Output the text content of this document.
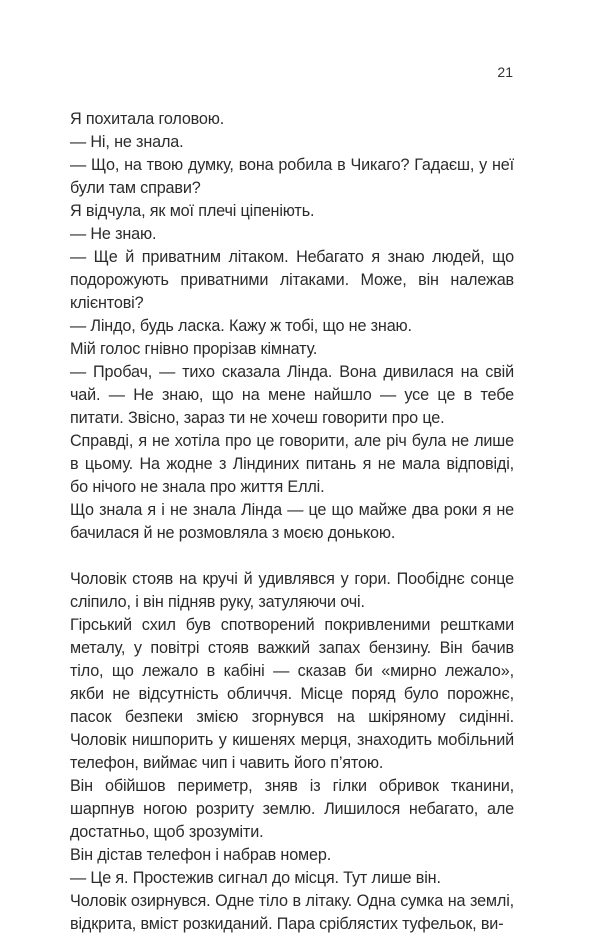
21

Я похитала головою.

— Ні, не знала.

— Що, на твою думку, вона робила в Чикаго? Гадаєш, у неї були там справи?

Я відчула, як мої плечі ціпеніють.

— Не знаю.

— Ще й приватним літаком. Небагато я знаю людей, що подорожують приватними літаками. Може, він належав клієнтові?

— Ліндо, будь ласка. Кажу ж тобі, що не знаю.

Мій голос гнівно прорізав кімнату.

— Пробач, — тихо сказала Лінда. Вона дивилася на свій чай. — Не знаю, що на мене найшло — усе це в тебе питати. Звісно, зараз ти не хочеш говорити про це.

Справді, я не хотіла про це говорити, але річ була не лише в цьому. На жодне з Ліндиних питань я не мала відповіді, бо нічого не знала про життя Еллі.

Що знала я і не знала Лінда — це що майже два роки я не бачилася й не розмовляла з моєю донькою.

Чоловік стояв на кручі й удивлявся у гори. Пообіднє сонце сліпило, і він підняв руку, затуляючи очі.

Гірський схил був спотворений покривленими рештками металу, у повітрі стояв важкий запах бензину. Він бачив тіло, що лежало в кабіні — сказав би «мирно лежало», якби не відсутність обличчя. Місце поряд було порожнє, пасок безпеки змією згорнувся на шкіряному сидінні. Чоловік нишпорить у кишенях мерця, знаходить мобільний телефон, виймає чип і чавить його п’ятою.

Він обійшов периметр, зняв із гілки обривок тканини, шарпнув ногою розриту землю. Лишилося небагато, але достатньо, щоб зрозуміти.

Він дістав телефон і набрав номер.

— Це я. Простежив сигнал до місця. Тут лише він.

Чоловік озирнувся. Одне тіло в літаку. Одна сумка на землі, відкрита, вміст розкиданий. Пара сріблястих туфельок, ви-
